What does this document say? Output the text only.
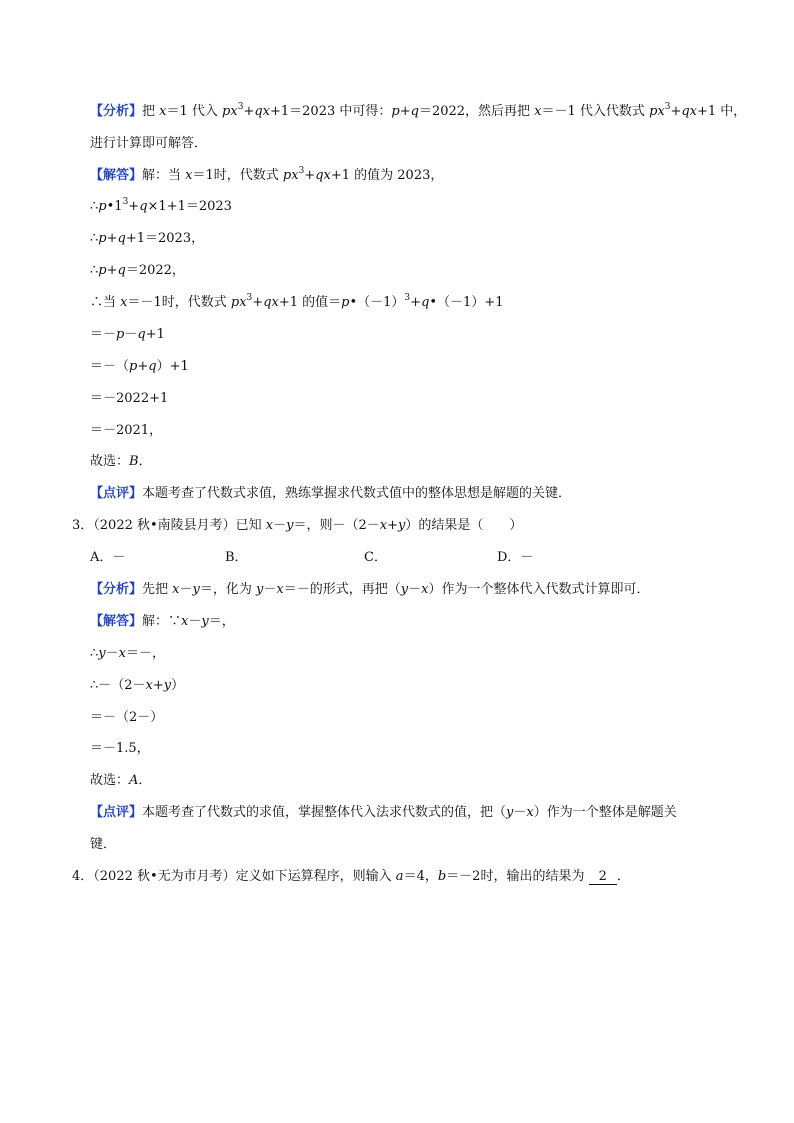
【分析】把 x＝1 代入 $px^3+qx+1=2023$ 中可得：p+q＝2022，然后再把 x＝－1 代入代数式 $px^3+qx+1$ 中，
进行计算即可解答．
【解答】解：当 x＝1时，代数式 $px^3+qx+1$ 的值为 2023，
$\therefore p•1^3+q\times 1+1=2023$
∴p+q+1＝2023，
∴p+q＝2022，
∴当 x＝－1时，代数式 $px^3+qx+1$ 的值$=p•(-1)^3+q•(-1)+1$
＝－p－q+1
＝－（p+q）+1
＝－2022+1
＝－2021，
故选：B．
【点评】本题考查了代数式求值，熟练掌握求代数式值中的整体思想是解题的关键．
3．（2022 秋•南陵县月考）已知 x－y＝，则－（2－x+y）的结果是（　　）
A．－	B．	C．	D．－
【分析】先把 x－y＝，化为 y－x＝－的形式，再把（y－x）作为一个整体代入代数式计算即可．
【解答】解：∵x－y＝，
∴y－x＝－，
∴－（2－x+y）
＝－（2－）
＝－1.5，
故选：A．
【点评】本题考查了代数式的求值，掌握整体代入法求代数式的值，把（y－x）作为一个整体是解题关
键．
4．（2022 秋•无为市月考）定义如下运算程序，则输入 a＝4，b＝－2时，输出的结果为 2 ．
